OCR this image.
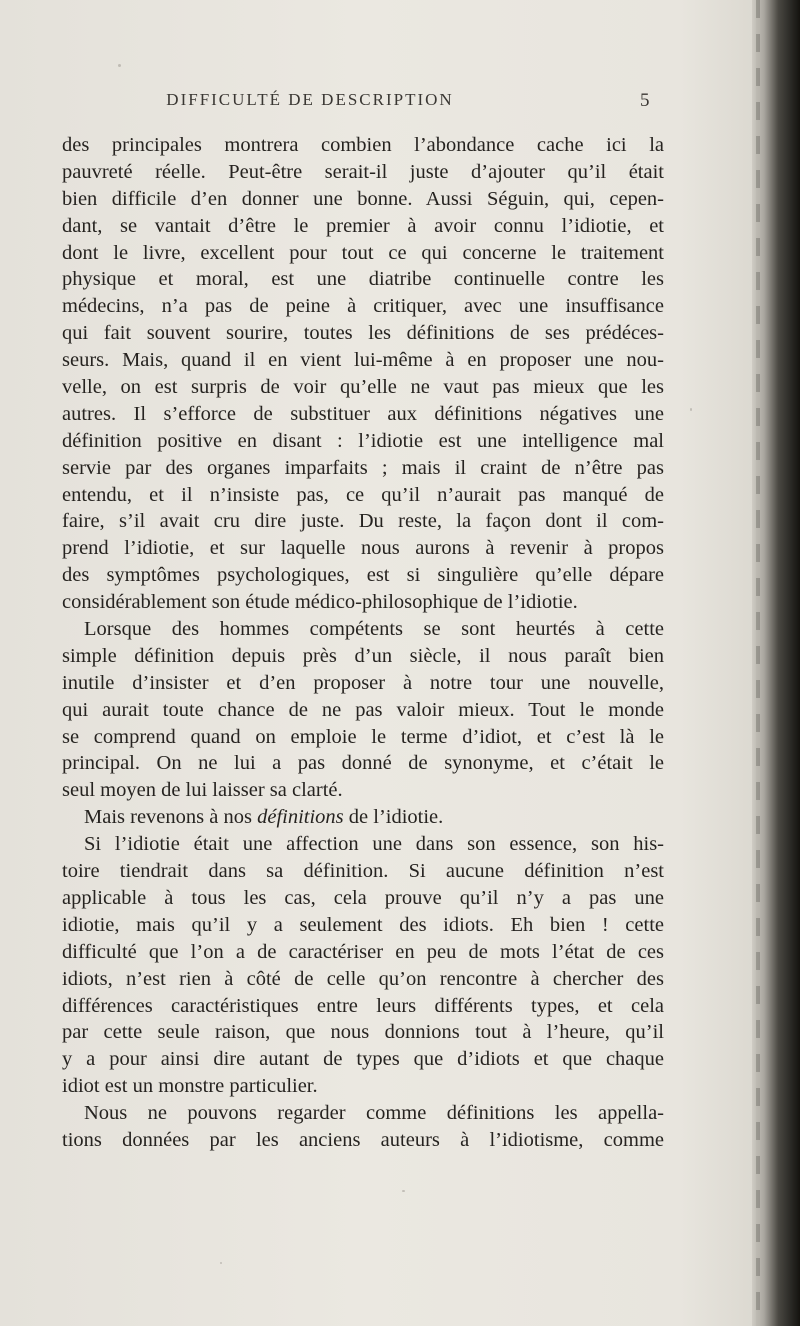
DIFFICULTÉ DE DESCRIPTION	5
des principales montrera combien l’abondance cache ici la
pauvreté réelle. Peut-être serait-il juste d’ajouter qu’il était
bien difficile d’en donner une bonne. Aussi Séguin, qui, cepen-
dant, se vantait d’être le premier à avoir connu l’idiotie, et
dont le livre, excellent pour tout ce qui concerne le traitement
physique et moral, est une diatribe continuelle contre les
médecins, n’a pas de peine à critiquer, avec une insuffisance
qui fait souvent sourire, toutes les définitions de ses prédéces-
seurs. Mais, quand il en vient lui-même à en proposer une nou-
velle, on est surpris de voir qu’elle ne vaut pas mieux que les
autres. Il s’efforce de substituer aux définitions négatives une
définition positive en disant : l’idiotie est une intelligence mal
servie par des organes imparfaits ; mais il craint de n’être pas
entendu, et il n’insiste pas, ce qu’il n’aurait pas manqué de
faire, s’il avait cru dire juste. Du reste, la façon dont il com-
prend l’idiotie, et sur laquelle nous aurons à revenir à propos
des symptômes psychologiques, est si singulière qu’elle dépare
considérablement son étude médico-philosophique de l’idiotie.
Lorsque des hommes compétents se sont heurtés à cette
simple définition depuis près d’un siècle, il nous paraît bien
inutile d’insister et d’en proposer à notre tour une nouvelle,
qui aurait toute chance de ne pas valoir mieux. Tout le monde
se comprend quand on emploie le terme d’idiot, et c’est là le
principal. On ne lui a pas donné de synonyme, et c’était le
seul moyen de lui laisser sa clarté.
Mais revenons à nos définitions de l’idiotie.
Si l’idiotie était une affection une dans son essence, son his-
toire tiendrait dans sa définition. Si aucune définition n’est
applicable à tous les cas, cela prouve qu’il n’y a pas une
idiotie, mais qu’il y a seulement des idiots. Eh bien ! cette
difficulté que l’on a de caractériser en peu de mots l’état de ces
idiots, n’est rien à côté de celle qu’on rencontre à chercher des
différences caractéristiques entre leurs différents types, et cela
par cette seule raison, que nous donnions tout à l’heure, qu’il
y a pour ainsi dire autant de types que d’idiots et que chaque
idiot est un monstre particulier.
Nous ne pouvons regarder comme définitions les appella-
tions données par les anciens auteurs à l’idiotisme, comme
